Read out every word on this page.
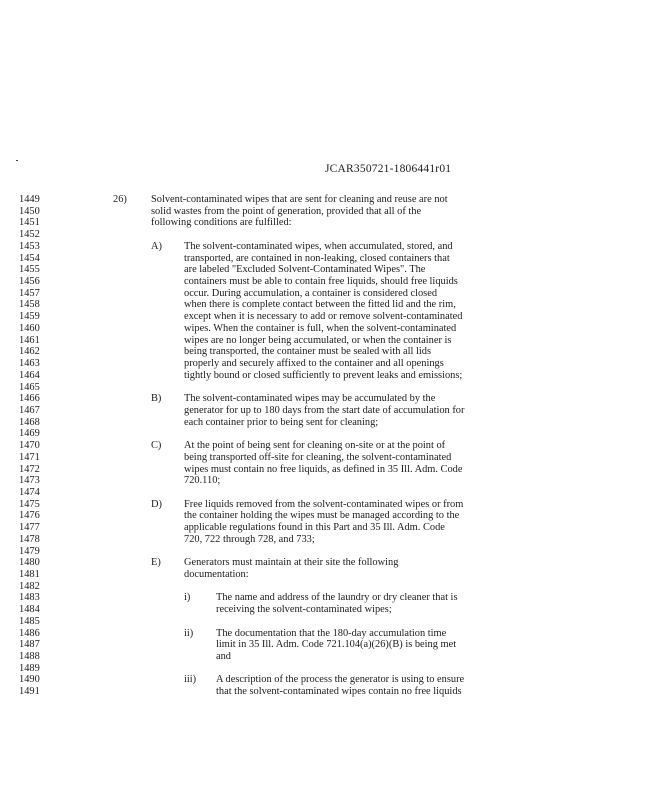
JCAR350721-1806441r01
1449	26) Solvent-contaminated wipes that are sent for cleaning and reuse are not
1450	solid wastes from the point of generation, provided that all of the
1451	following conditions are fulfilled:
1452
1453	A) The solvent-contaminated wipes, when accumulated, stored, and
1454	transported, are contained in non-leaking, closed containers that
1455	are labeled "Excluded Solvent-Contaminated Wipes". The
1456	containers must be able to contain free liquids, should free liquids
1457	occur. During accumulation, a container is considered closed
1458	when there is complete contact between the fitted lid and the rim,
1459	except when it is necessary to add or remove solvent-contaminated
1460	wipes. When the container is full, when the solvent-contaminated
1461	wipes are no longer being accumulated, or when the container is
1462	being transported, the container must be sealed with all lids
1463	properly and securely affixed to the container and all openings
1464	tightly bound or closed sufficiently to prevent leaks and emissions;
1465
1466	B) The solvent-contaminated wipes may be accumulated by the
1467	generator for up to 180 days from the start date of accumulation for
1468	each container prior to being sent for cleaning;
1469
1470	C) At the point of being sent for cleaning on-site or at the point of
1471	being transported off-site for cleaning, the solvent-contaminated
1472	wipes must contain no free liquids, as defined in 35 Ill. Adm. Code
1473	720.110;
1474
1475	D) Free liquids removed from the solvent-contaminated wipes or from
1476	the container holding the wipes must be managed according to the
1477	applicable regulations found in this Part and 35 Ill. Adm. Code
1478	720, 722 through 728, and 733;
1479
1480	E) Generators must maintain at their site the following
1481	documentation:
1482
1483	i) The name and address of the laundry or dry cleaner that is
1484	receiving the solvent-contaminated wipes;
1485
1486	ii) The documentation that the 180-day accumulation time
1487	limit in 35 Ill. Adm. Code 721.104(a)(26)(B) is being met
1488	and
1489
1490	iii) A description of the process the generator is using to ensure
1491	that the solvent-contaminated wipes contain no free liquids
